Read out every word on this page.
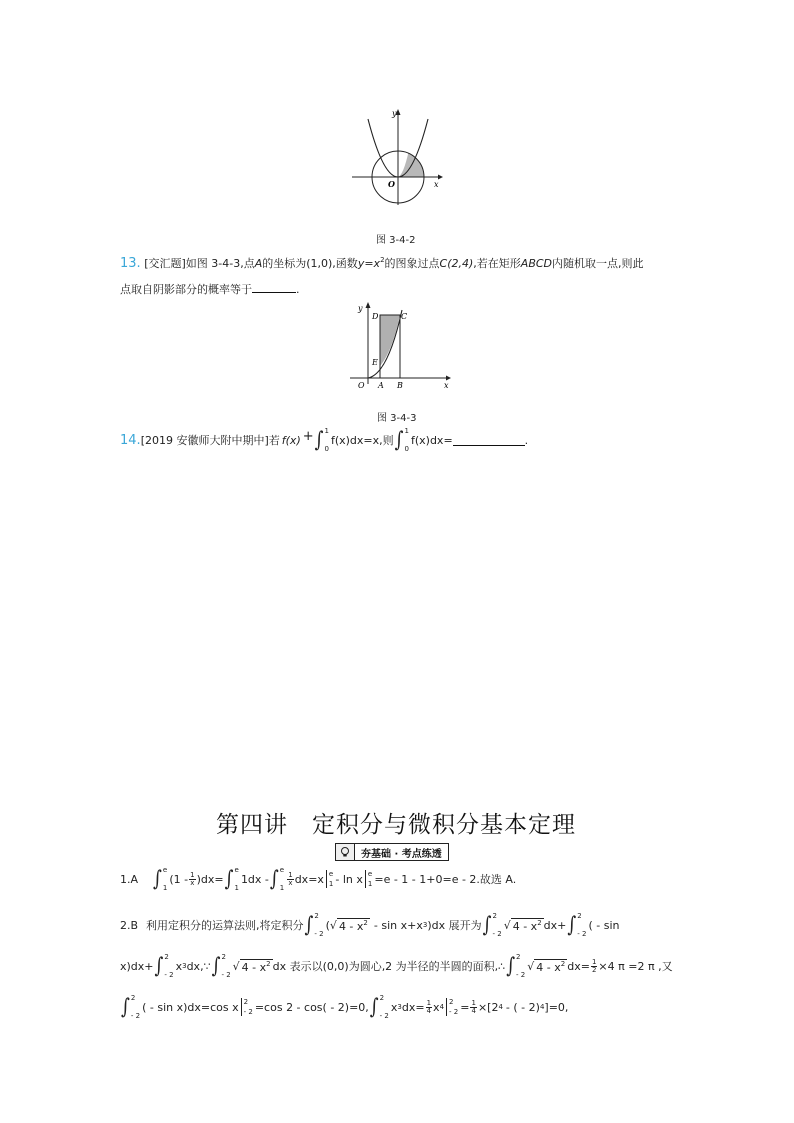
y
x
O
图 3-4-2
13. [交汇题]如图 3-4-3,点A的坐标为(1,0),函数$y=x^2$的图象过点C(2,4),若在矩形ABCD内随机取一点,则此
点取自阴影部分的概率等于	.
y
x
O A B
C
D
E
图 3-4-3
14. [2019 安徽师大附中期中]若 f(x) + ∫ 1
0
f(x)dx=x,则 ∫ 1
0
f(x)dx=	.
第四讲　定积分与微积分基本定理
夯基础 · 考点练透
1.A ∫ e
1
$(1 - \frac{1}{x} )dx=$ ∫ e
1
1dx - ∫ e
1
$\frac{1}{x} dx=x$ e
1 - ln x e
1 =e - 1 - 1+0=e - 2.故选 A.
2.B 利用定积分的运算法则,将定积分 ∫ 2
- 2
( √ $4 - x^2 - \sin x+x$ 3 )dx 展开为 ∫ 2
- 2
√ $4 - x^2$ dx+ ∫ 2
- 2
( - sin
x)dx+ ∫ 2
- 2
x 3 dx,∵ ∫ 2
- 2
√ $4 - x^2$ dx 表示以(0,0)为圆心,2 为半径的半圆的面积,∴ ∫ 2
- 2
√ $4 - x^2$ $dx= \frac{1}{2} \times 4$ π =2 π ,又
∫ 2
- 2
( - sin x)dx=cos x 2
- 2 =cos 2 - cos( - 2)=0, ∫ 2
- 2
x 3 $dx= \frac{1}{4}$ x 4
2
- $2 = \frac{1}{4} \times[2$ 4 - ( - 2) 4 ]=0,
